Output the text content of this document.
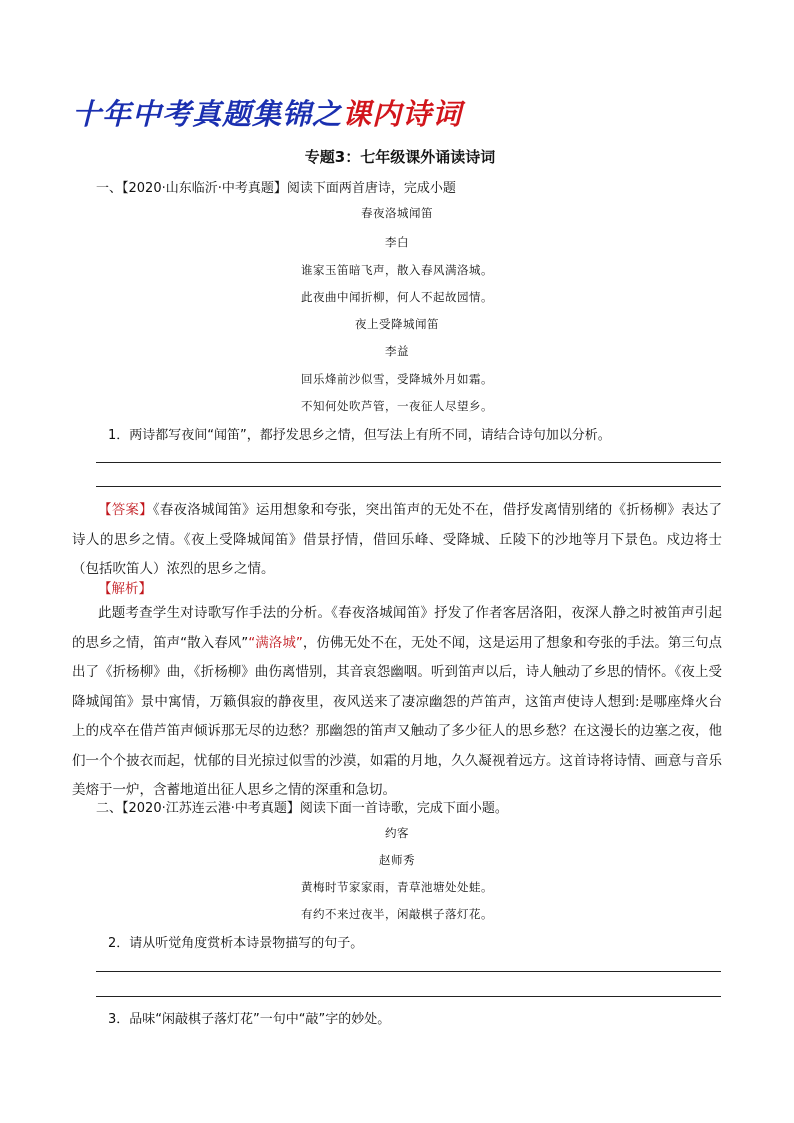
十年中考真题集锦之课内诗词
专题3：七年级课外诵读诗词
一、【2020·山东临沂·中考真题】阅读下面两首唐诗，完成小题
春夜洛城闻笛
李白
谁家玉笛暗飞声，散入春风满洛城。
此夜曲中闻折柳，何人不起故园情。
夜上受降城闻笛
李益
回乐烽前沙似雪，受降城外月如霜。
不知何处吹芦管，一夜征人尽望乡。
1．两诗都写夜间“闻笛”，都抒发思乡之情，但写法上有所不同，请结合诗句加以分析。

【答案】《春夜洛城闻笛》运用想象和夸张，突出笛声的无处不在，借抒发离情别绪的《折杨柳》表达了诗人的思乡之情。《夜上受降城闻笛》借景抒情，借回乐峰、受降城、丘陵下的沙地等月下景色。戍边将士（包括吹笛人）浓烈的思乡之情。

【解析】

此题考查学生对诗歌写作手法的分析。《春夜洛城闻笛》抒发了作者客居洛阳，夜深人静之时被笛声引起的思乡之情，笛声“散入春风”“满洛城”，仿佛无处不在，无处不闻，这是运用了想象和夸张的手法。第三句点出了《折杨柳》曲，《折杨柳》曲伤离惜别，其音哀怨幽咽。听到笛声以后，诗人触动了乡思的情怀。《夜上受降城闻笛》景中寓情，万籁俱寂的静夜里，夜风送来了凄凉幽怨的芦笛声，这笛声使诗人想到:是哪座烽火台上的戍卒在借芦笛声倾诉那无尽的边愁？那幽怨的笛声又触动了多少征人的思乡愁？在这漫长的边塞之夜，他们一个个披衣而起，忧郁的目光掠过似雪的沙漠，如霜的月地，久久凝视着远方。这首诗将诗情、画意与音乐美熔于一炉，含蓄地道出征人思乡之情的深重和急切。

二、【2020·江苏连云港·中考真题】阅读下面一首诗歌，完成下面小题。
约客
赵师秀
黄梅时节家家雨，青草池塘处处蛙。
有约不来过夜半，闲敲棋子落灯花。
2．请从听觉角度赏析本诗景物描写的句子。
3．品味“闲敲棋子落灯花”一句中“敲”字的妙处。
